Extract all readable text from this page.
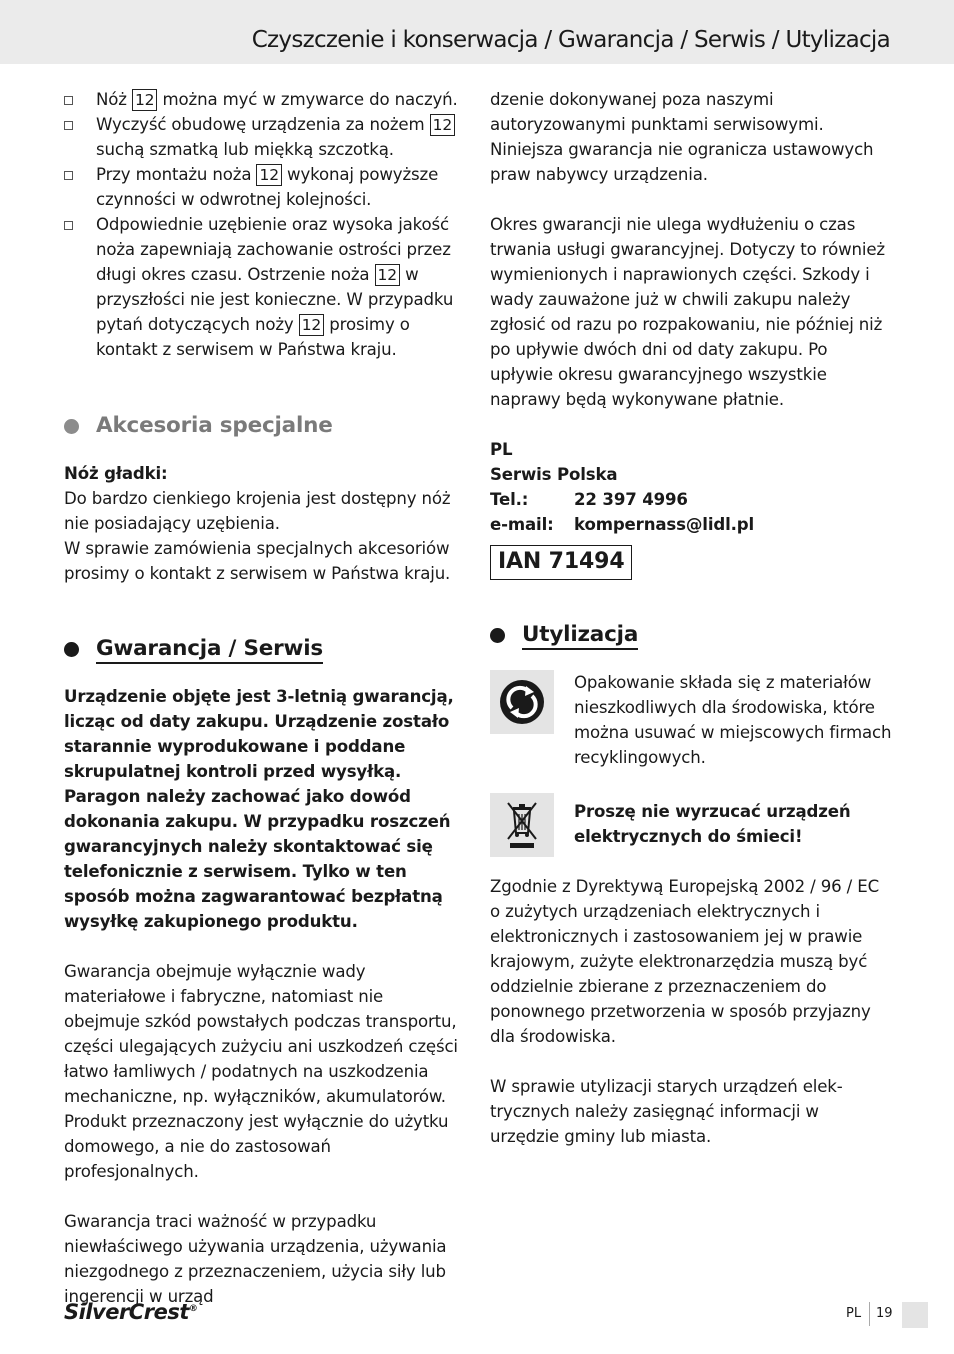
Czyszczenie i konserwacja / Gwarancja / Serwis / Utylizacja
Nóż 12 można myć w zmywarce do naczyń.
Wyczyść obudowę urządzenia za nożem 12 suchą szmatką lub miękką szczotką.
Przy montażu noża 12 wykonaj powyższe czynności w odwrotnej kolejności.
Odpowiednie uzębienie oraz wysoka jakość noża zapewniają zachowanie ostrości przez długi okres czasu. Ostrzenie noża 12 w przyszłości nie jest konieczne. W przypadku pytań dotyczących noży 12 prosimy o kontakt z serwisem w Państwa kraju.
Akcesoria specjalne

Nóż gładki:

Do bardzo cienkiego krojenia jest dostępny nóż nie posiadający uzębienia.

W sprawie zamówienia specjalnych akcesoriów prosimy o kontakt z serwisem w Państwa kraju.

Gwarancja / Serwis

Urządzenie objęte jest 3-letnią gwarancją, licząc od daty zakupu. Urządzenie zostało starannie wyprodukowane i poddane skrupulatnej kontroli przed wysyłką. Paragon należy zachować jako dowód dokonania zakupu. W przypadku roszczeń gwarancyjnych należy skontaktować się telefonicznie z serwisem. Tylko w ten sposób można zagwarantować bezpłatną wysyłkę zakupionego produktu.

Gwarancja obejmuje wyłącznie wady materiałowe i fabryczne, natomiast nie obejmuje szkód powstałych podczas transportu, części ulegających zużyciu ani uszkodzeń części łatwo łamliwych / podatnych na uszkodzenia mechaniczne, np. wyłączników, akumulatorów. Produkt przeznaczony jest wyłącznie do użytku domowego, a nie do zastosowań profesjonalnych.

Gwarancja traci ważność w przypadku niewłaściwego używania urządzenia, używania niezgodnego z przeznaczeniem, użycia siły lub ingerencji w urząd

dzenie dokonywanej poza naszymi autoryzowanymi punktami serwisowymi. Niniejsza gwarancja nie ogranicza ustawowych praw nabywcy urządzenia.

Okres gwarancji nie ulega wydłużeniu o czas trwania usługi gwarancyjnej. Dotyczy to również wymienionych i naprawionych części. Szkody i wady zauważone już w chwili zakupu należy zgłosić od razu po rozpakowaniu, nie później niż po upływie dwóch dni od daty zakupu. Po upływie okresu gwarancyjnego wszystkie naprawy będą wykonywane płatnie.

PL

Serwis Polska

Tel.:	22 397 4996
e-mail:	kompernass@lidl.pl
IAN 71494
Utylizacja

Opakowanie składa się z materiałów nieszkodliwych dla środowiska, które można usuwać w miejscowych firmach recyklingowych.

Proszę nie wyrzucać urządzeń elektrycznych do śmieci!

Zgodnie z Dyrektywą Europejską 2002 / 96 / EC o zużytych urządzeniach elektrycznych i elektronicznych i zastosowaniem jej w prawie krajowym, zużyte elektronarzędzia muszą być oddzielnie zbierane z przeznaczeniem do ponownego przetworzenia w sposób przyjazny dla środowiska.

W sprawie utylizacji starych urządzeń elek-trycznych należy zasięgnąć informacji w urzędzie gminy lub miasta.

SilverCrest®	PL 19
